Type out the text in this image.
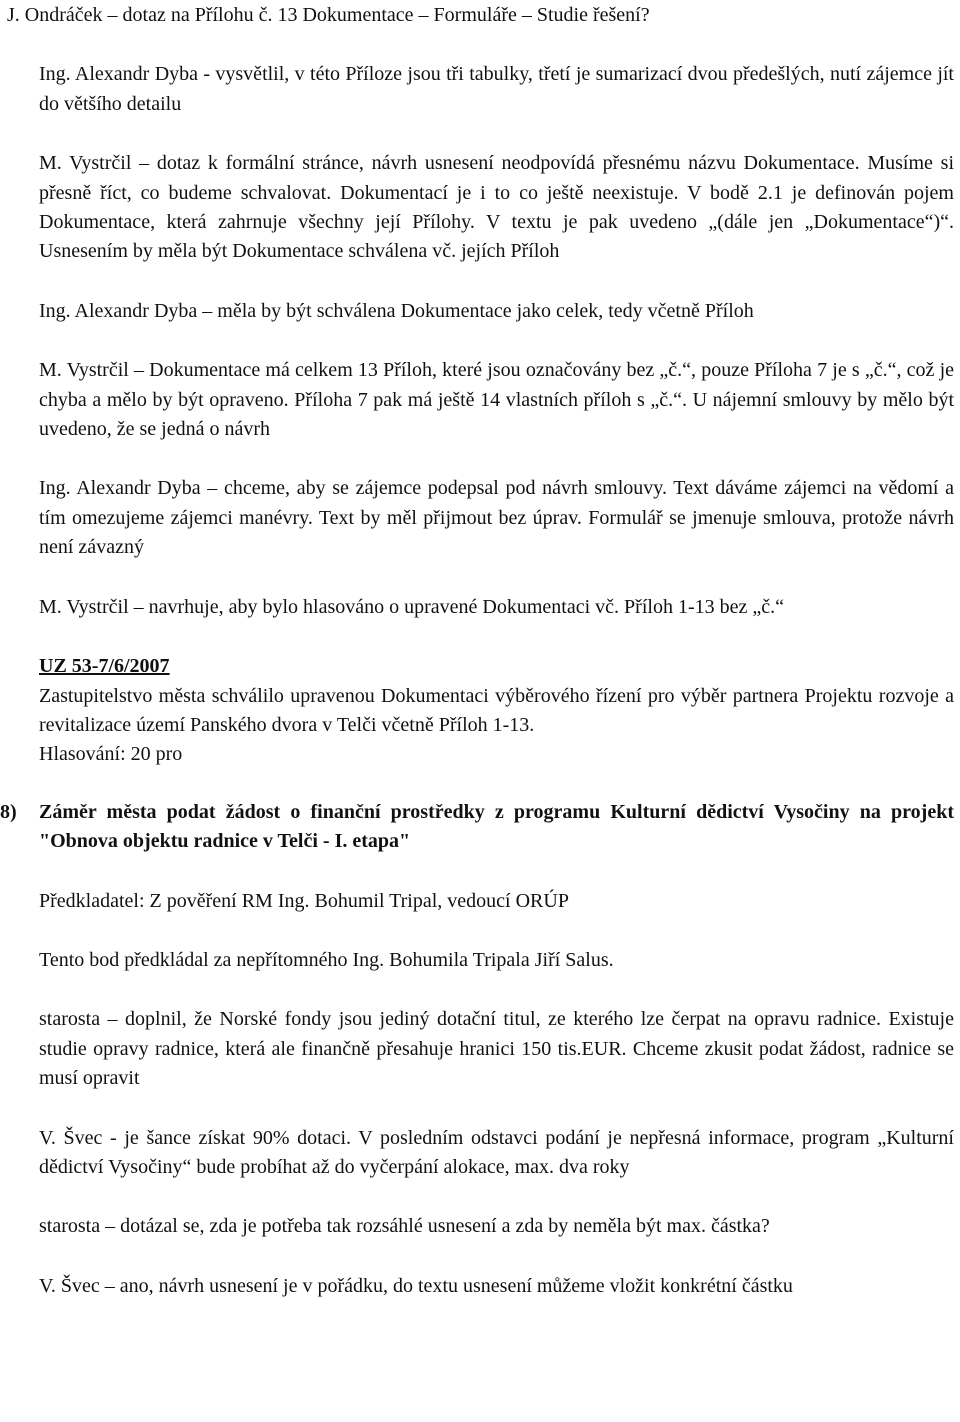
J. Ondráček – dotaz na Přílohu č. 13 Dokumentace – Formuláře – Studie řešení?

Ing. Alexandr Dyba - vysvětlil, v této Příloze jsou tři tabulky, třetí je sumarizací dvou předešlých, nutí zájemce jít do většího detailu

M. Vystrčil – dotaz k formální stránce, návrh usnesení neodpovídá přesnému názvu Dokumentace. Musíme si přesně říct, co budeme schvalovat. Dokumentací je i to co ještě neexistuje. V bodě 2.1 je definován pojem Dokumentace, která zahrnuje všechny její Přílohy. V textu je pak uvedeno „(dále jen „Dokumentace“)“. Usnesením by měla být Dokumentace schválena vč. jejích Příloh

Ing. Alexandr Dyba – měla by být schválena Dokumentace jako celek, tedy včetně Příloh

M. Vystrčil – Dokumentace má celkem 13 Příloh, které jsou označovány bez „č.“, pouze Příloha 7 je s „č.“, což je chyba a mělo by být opraveno. Příloha 7 pak má ještě 14 vlastních příloh s „č.“. U nájemní smlouvy by mělo být uvedeno, že se jedná o návrh

Ing. Alexandr Dyba – chceme, aby se zájemce podepsal pod návrh smlouvy. Text dáváme zájemci na vědomí a tím omezujeme zájemci manévry. Text by měl přijmout bez úprav. Formulář se jmenuje smlouva, protože návrh není závazný

M. Vystrčil – navrhuje, aby bylo hlasováno o upravené Dokumentaci vč. Příloh 1-13 bez „č.“

UZ 53-7/6/2007

Zastupitelstvo města schválilo upravenou Dokumentaci výběrového řízení pro výběr partnera Projektu rozvoje a revitalizace území Panského dvora v Telči včetně Příloh 1-13.

Hlasování: 20 pro

8) Záměr města podat žádost o finanční prostředky z programu Kulturní dědictví Vysočiny na projekt "Obnova objektu radnice v Telči - I. etapa"

Předkladatel: Z pověření RM Ing. Bohumil Tripal, vedoucí ORÚP

Tento bod předkládal za nepřítomného Ing. Bohumila Tripala Jiří Salus.

starosta – doplnil, že Norské fondy jsou jediný dotační titul, ze kterého lze čerpat na opravu radnice. Existuje studie opravy radnice, která ale finančně přesahuje hranici 150 tis.EUR. Chceme zkusit podat žádost, radnice se musí opravit

V. Švec - je šance získat 90% dotaci. V posledním odstavci podání je nepřesná informace, program „Kulturní dědictví Vysočiny“ bude probíhat až do vyčerpání alokace, max. dva roky

starosta – dotázal se, zda je potřeba tak rozsáhlé usnesení a zda by neměla být max. částka?

V. Švec – ano, návrh usnesení je v pořádku, do textu usnesení můžeme vložit konkrétní částku
